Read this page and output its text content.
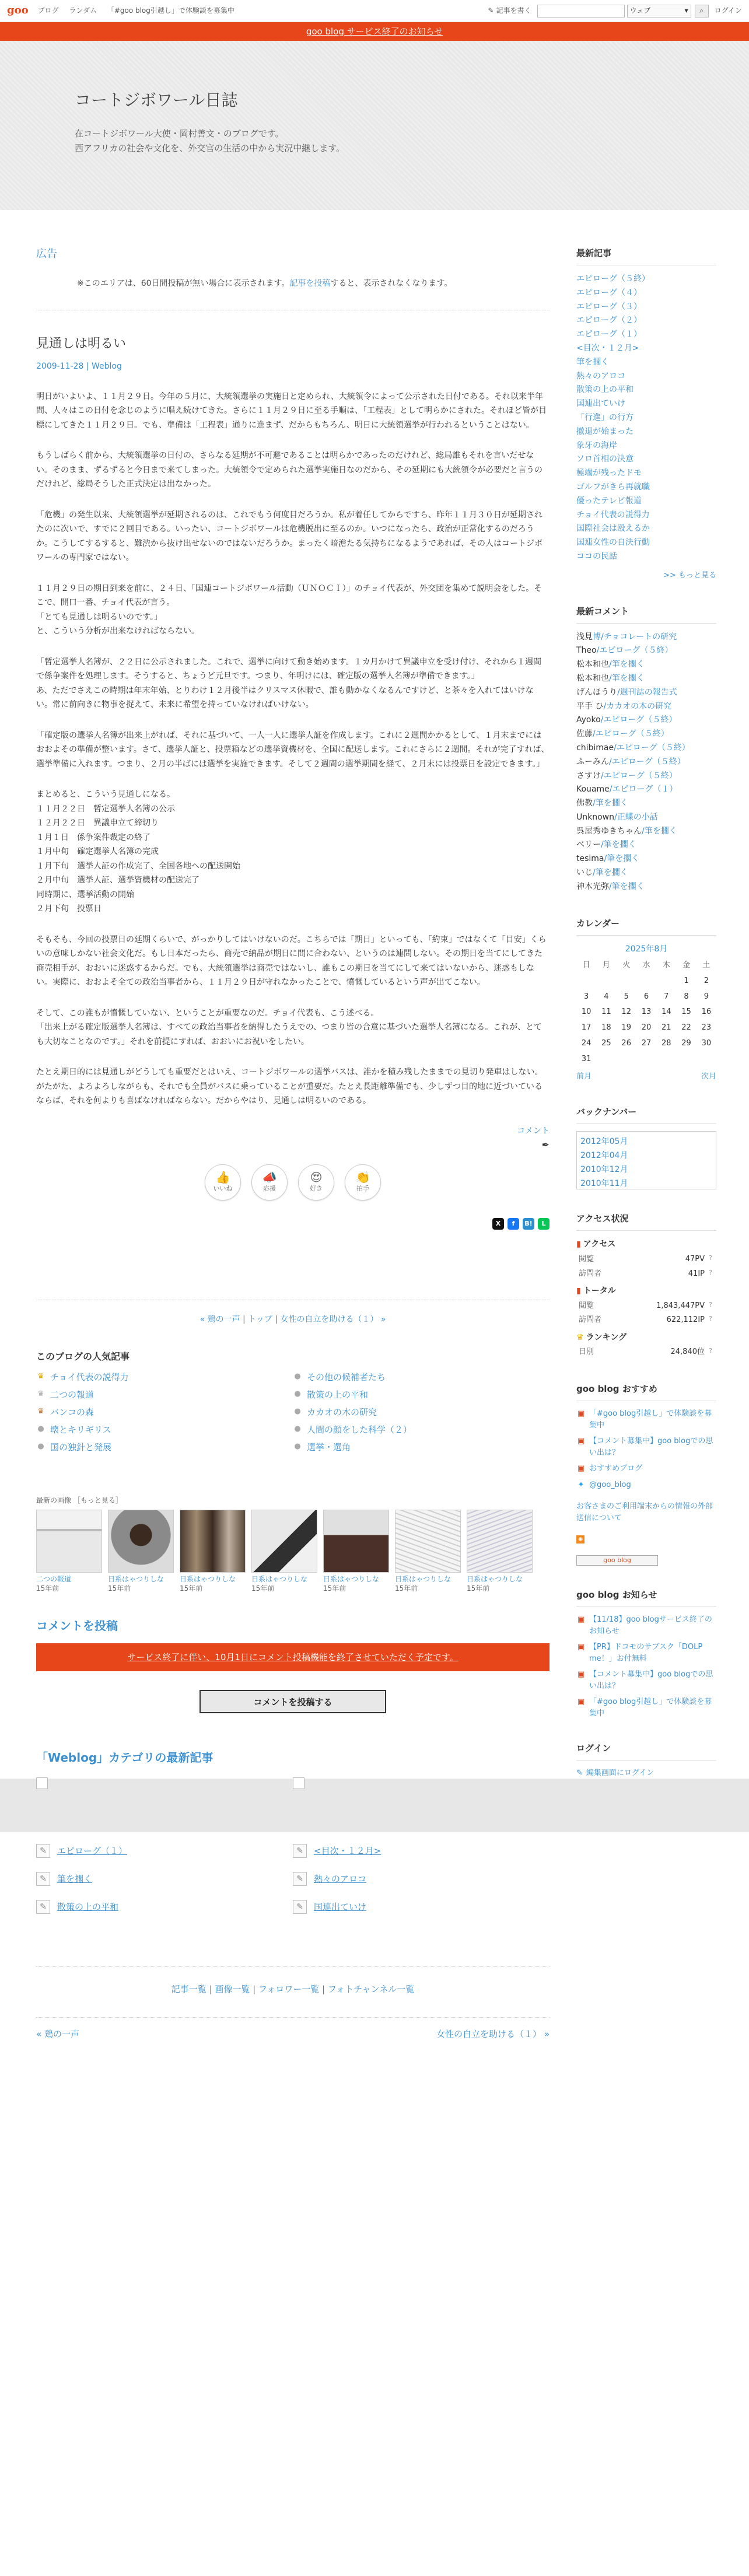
goo ブログ ランダム 「#goo blog引越し」で体験談を募集中	✎ 記事を書く	ウェブ	▾ ⌕ ログイン
goo blog サービス終了のお知らせ
コートジボワール日誌

在コートジボワール大使・岡村善文・のブログです。

西アフリカの社会や文化を、外交官の生活の中から実況中継します。

広告
※このエリアは、60日間投稿が無い場合に表示されます。記事を投稿すると、表示されなくなります。
見通しは明るい
2009-11-28 | Weblog

明日がいよいよ、１１月２９日。今年の５月に、大統領選挙の実施日と定められ、大統領令によって公示された日付である。それ以来半年間、人々はこの日付を念じのように唱え続けてきた。さらに１１月２９日に至る手順は、「工程表」として明らかにされた。それほど皆が目標にしてきた１１月２９日。でも、準備は「工程表」通りに進まず、だからもちろん、明日に大統領選挙が行われるということはない。

もうしばらく前から、大統領選挙の日付の、さらなる延期が不可避であることは明らかであったのだけれど、総局誰もそれを言いだせない。そのまま、ずるずると今日まで来てしまった。大統領令で定められた選挙実施日なのだから、その延期にも大統領令が必要だと言うのだけれど、総局そうした正式決定は出なかった。

「危機」の発生以来、大統領選挙が延期されるのは、これでもう何度目だろうか。私が着任してからですら、昨年１１月３０日が延期されたのに次いで、すでに２回目である。いったい、コートジボワールは危機脱出に至るのか。いつになったら、政治が正常化するのだろうか。こうしてするすると、難渋から抜け出せないのではないだろうか。まったく暗澹たる気持ちになるようであれば、その人はコートジボワールの専門家ではない。

１１月２９日の期日到来を前に、２４日、「国連コートジボワール活動（ＵＮＯＣＩ）」のチョイ代表が、外交団を集めて説明会をした。そこで、開口一番、チョイ代表が言う。
「とても見通しは明るいのです。」
と、こういう分析が出来なければならない。

「暫定選挙人名簿が、２２日に公示されました。これで、選挙に向けて動き始めます。１カ月かけて異議申立を受け付け、それから１週間で係争案件を処理します。そうすると、ちょうど元旦です。つまり、年明けには、確定版の選挙人名簿が準備できます。」
あ、ただでさえこの時期は年末年始、とりわけ１２月後半はクリスマス休暇で、誰も動かなくなるんですけど、と茶々を入れてはいけない。常に前向きに物事を捉えて、未来に希望を持っていなければいけない。

「確定版の選挙人名簿が出来上がれば、それに基づいて、一人一人に選挙人証を作成します。これに２週間かかるとして、１月末までにはおおよその準備が整います。さて、選挙人証と、投票箱などの選挙資機材を、全国に配送します。これにさらに２週間。それが完了すれば、選挙準備に入れます。つまり、２月の半ばには選挙を実施できます。そして２週間の選挙期間を経て、２月末には投票日を設定できます。」

まとめると、こういう見通しになる。
１１月２２日　暫定選挙人名簿の公示
１２月２２日　異議申立て締切り
１月１日　係争案件裁定の終了
１月中旬　確定選挙人名簿の完成
１月下旬　選挙人証の作成完了、全国各地への配送開始
２月中旬　選挙人証、選挙資機材の配送完了
同時期に、選挙活動の開始
２月下旬　投票日

そもそも、今回の投票日の延期くらいで、がっかりしてはいけないのだ。こちらでは「期日」といっても、「約束」ではなくて「目安」くらいの意味しかない社会文化だ。もし日本だったら、商売で納品が期日に間に合わない、というのは連問しない。その期日を当てにしてきた商売相手が、おおいに迷惑するからだ。でも、大統領選挙は商売ではないし、誰もこの期日を当てにして来てはいないから、迷惑もしない。実際に、おおよそ全ての政治当事者から、１１月２９日が守れなかったことで、憤慨しているという声が出てこない。

そして、この誰もが憤慨していない、ということが重要なのだ。チョイ代表も、こう述べる。
「出来上がる確定版選挙人名簿は、すべての政治当事者を納得したうえでの、つまり皆の合意に基づいた選挙人名簿になる。これが、とても大切なことなのです。」それを前提にすれば、おおいにお祝いをしたい。

たとえ期日的には見通しがどうしても重要だとはいえ、コートジボワールの選挙バスは、誰かを積み残したままでの見切り発車はしない。がたがた、よろよろしながらも、それでも全員がバスに乗っていることが重要だ。たとえ長距離準備でも、少しずつ目的地に近づいているならば、それを何よりも喜ばなければならない。だからやはり、見通しは明るいのである。

コメント
✒
👍
いいね
📣
応援
😍
好き
👏
拍手
X	f	B!	L
« 鶏の一声 | トップ | 女性の自立を助ける（１） »
このブログの人気記事
♛ チョイ代表の説得力	● その他の候補者たち
♛ 二つの報道	● 散策の上の平和
♛ バンコの森	● カカオの木の研究
● 壊とキリギリス	● 人間の顔をした科学（２）
● 国の独針と発展	● 選挙・選角
最新の画像 ［もっと見る］
二つの報道
15年前
日系はゃつりしな
15年前
日系はゃつりしな
15年前
日系はゃつりしな
15年前
日系はゃつりしな
15年前
日系はゃつりしな
15年前
日系はゃつりしな
15年前
コメントを投稿
サービス終了に伴い、10月1日にコメント投稿機能を終了させていただく予定です。
コメントを投稿する
「Weblog」カテゴリの最新記事
✎	エピローグ（１）	✎	<目次・１２月>
✎	筆を擱く	✎	熱々のアロコ
✎	散策の上の平和	✎	国連出ていけ
記事一覧 | 画像一覧 | フォロワー一覧 | フォトチャンネル一覧
« 鶏の一声	女性の自立を助ける（１） »
最新記事
エピローグ（５終）
エピローグ（４）
エピローグ（３）
エピローグ（２）
エピローグ（１）
<目次・１２月>
筆を擱く
熱々のアロコ
散策の上の平和
国連出ていけ
「行進」の行方
撤退が始まった
象牙の海岸
ソロ首相の決意
極端が残ったドモ
ゴルフがきら再就職
優ったテレビ報道
チョイ代表の説得力
国際社会は殴えるか
国連女性の自決行動
ココの民話
>> もっと見る
最新コメント
浅見博/チョコレートの研究
Theo/エピローグ（５終）
松本和也/筆を擱く
松本和也/筆を擱く
げんほうり/週刊誌の報告式
平手 ひ/カカオの木の研究
Ayoko/エピローグ（５終）
佐藤/エピローグ（５終）
chibimae/エピローグ（５終）
ふーみん/エピローグ（５終）
さすけ/エピローグ（５終）
Kouame/エピローグ（１）
佛教/筆を擱く
Unknown/正蝶の小話
呉屋秀ゆきちゃん/筆を擱く
ベリー/筆を擱く
tesima/筆を擱く
いじ/筆を擱く
神木光弥/筆を擱く
カレンダー
2025年8月
日	月	火	水	木	金	土
					1	2
3	4	5	6	7	8	9
10	11	12	13	14	15	16
17	18	19	20	21	22	23
24	25	26	27	28	29	30
31						
前月	次月
バックナンバー
2012年05月
2012年04月
2010年12月
2010年11月
アクセス状況
▮ アクセス
閲覧	47PV ?
訪問者	41IP ?
▮ トータル
閲覧	1,843,447PV ?
訪問者	622,112IP ?
♛ ランキング
日別	24,840位 ?
goo blog おすすめ
▣ 「#goo blog引越し」で体験談を募集中
▣ 【コメント募集中】goo blogでの思い出は？
▣ おすすめブログ
✦ @goo_blog
お客さまのご利用端末からの情報の外部送信について
◉
goo blog
goo blog お知らせ
▣ 【11/18】goo blogサービス終了のお知らせ
▣ 【PR】ドコモのサブスク「DOLP me！」お付無料
▣ 【コメント募集中】goo blogでの思い出は？
▣ 「#goo blog引越し」で体験談を募集中
ログイン
✎ 編集画面にログイン
